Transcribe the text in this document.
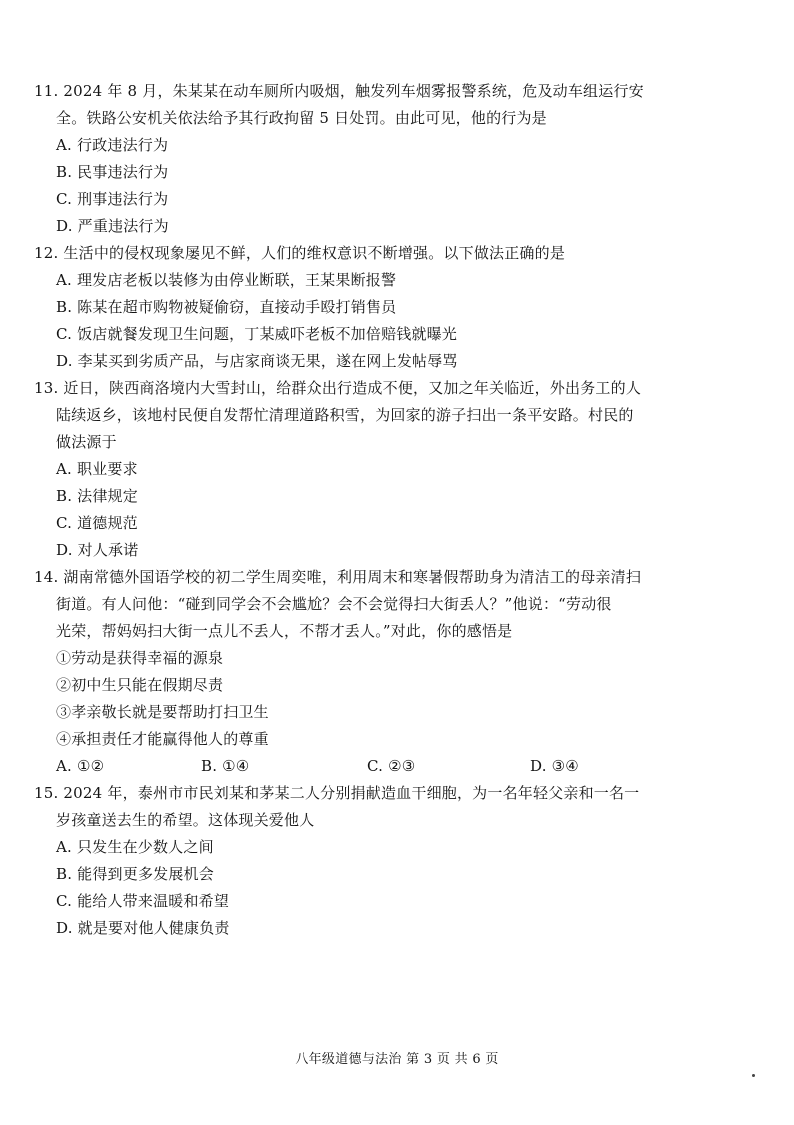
11. 2024 年 8 月，朱某某在动车厕所内吸烟，触发列车烟雾报警系统，危及动车组运行安
全。铁路公安机关依法给予其行政拘留 5 日处罚。由此可见，他的行为是
A. 行政违法行为
B. 民事违法行为
C. 刑事违法行为
D. 严重违法行为
12. 生活中的侵权现象屡见不鲜，人们的维权意识不断增强。以下做法正确的是
A. 理发店老板以装修为由停业断联，王某果断报警
B. 陈某在超市购物被疑偷窃，直接动手殴打销售员
C. 饭店就餐发现卫生问题，丁某威吓老板不加倍赔钱就曝光
D. 李某买到劣质产品，与店家商谈无果，遂在网上发帖辱骂
13. 近日，陕西商洛境内大雪封山，给群众出行造成不便，又加之年关临近，外出务工的人
陆续返乡，该地村民便自发帮忙清理道路积雪，为回家的游子扫出一条平安路。村民的
做法源于
A. 职业要求
B. 法律规定
C. 道德规范
D. 对人承诺
14. 湖南常德外国语学校的初二学生周奕唯，利用周末和寒暑假帮助身为清洁工的母亲清扫
街道。有人问他：“碰到同学会不会尴尬？会不会觉得扫大街丢人？”他说：“劳动很
光荣，帮妈妈扫大街一点儿不丢人，不帮才丢人。”对此，你的感悟是
①劳动是获得幸福的源泉
②初中生只能在假期尽责
③孝亲敬长就是要帮助打扫卫生
④承担责任才能赢得他人的尊重
A. ①②	B. ①④	C. ②③	D. ③④
15. 2024 年，泰州市市民刘某和茅某二人分别捐献造血干细胞，为一名年轻父亲和一名一
岁孩童送去生的希望。这体现关爱他人
A. 只发生在少数人之间
B. 能得到更多发展机会
C. 能给人带来温暖和希望
D. 就是要对他人健康负责
八年级道德与法治 第 3 页 共 6 页
